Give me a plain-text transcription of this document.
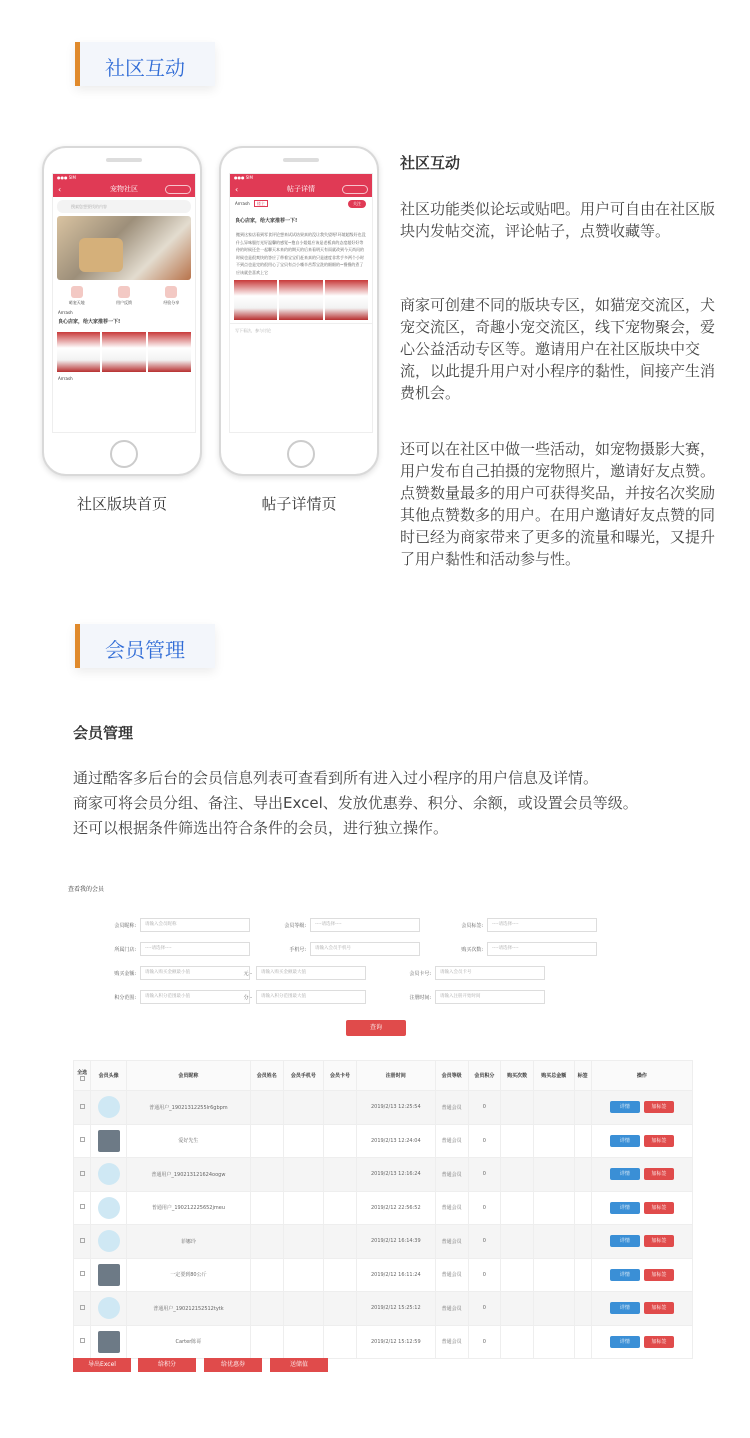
社区互动
●●● SIM
‹	宠物社区
搜索您想要找的内容
萌宠天地	用户反馈	经验分享
Arrrash
良心店家，给大家推荐一下!
Arrrash
社区版块首页
●●● SIM
‹	帖子详情
Arrrash 楼主	关注
良心店家，给大家推荐一下!
搬到这家店看到零食评论想来试试结果真的没让我失望呀!环境超级好也没什么异味服打光好温馨的感觉~抱自小姐姐应该是老板真的态度超好好等待的时候还会一起聊天本来约的期天的后来看明天有雨就改到今天尚问的时候也是很爽快的答应了带着宝宝们赶来真的只是速度非常手多两个小时不到点也是完的很用心了宝贝有点小嗓辛苦帮宝洗的细细的~慢慢的煮了应该就会喜欢上它
写下看法，参与讨论
帖子详情页
社区互动
社区功能类似论坛或贴吧。用户可自由在社区版块内发帖交流，评论帖子，点赞收藏等。
商家可创建不同的版块专区，如猫宠交流区，犬宠交流区，奇趣小宠交流区，线下宠物聚会，爱心公益活动专区等。邀请用户在社区版块中交流，以此提升用户对小程序的黏性，间接产生消费机会。
还可以在社区中做一些活动，如宠物摄影大赛，用户发布自己拍摄的宠物照片，邀请好友点赞。点赞数量最多的用户可获得奖品，并按名次奖励其他点赞数多的用户。在用户邀请好友点赞的同时已经为商家带来了更多的流量和曝光，又提升了用户黏性和活动参与性。
会员管理
会员管理
通过酷客多后台的会员信息列表可查看到所有进入过小程序的用户信息及详情。
商家可将会员分组、备注、导出Excel、发放优惠券、积分、余额，或设置会员等级。
还可以根据条件筛选出符合条件的会员，进行独立操作。
查看我的会员
会员昵称:	请输入会员昵称	会员等级:	----请选择----	会员标签:	----请选择----
所属门店:	----请选择----	手机号:	请输入会员手机号	购买次数:	----请选择----
购买金额:	请输入购买金额最小值	元 -	请输入购买金额最大值	会员卡号:	请输入会员卡号
积分范围:	请输入积分范围最小值	分 -	请输入积分范围最大值	注册时间:	请输入注册开始时间
查询
全选	会员头像	会员昵称	会员姓名	会员手机号	会员卡号	注册时间	会员等级	会员积分	购买次数	购买总金额	标签	操作
		普通用户_19021312255lr6gbpm				2019/2/13 12:25:54	普通会员	0				详情 加标签
		爱好先生				2019/2/13 12:24:04	普通会员	0				详情 加标签
		普通用户_190213121624oogw				2019/2/13 12:16:24	普通会员	0				详情 加标签
		普通用户_190212225652jmeu				2019/2/12 22:56:52	普通会员	0				详情 加标签
		菲娜玲				2019/2/12 16:14:39	普通会员	0				详情 加标签
		一定要到80公斤				2019/2/12 16:11:24	普通会员	0				详情 加标签
		普通用户_190212152512tytk				2019/2/12 15:25:12	普通会员	0				详情 加标签
		Carter陈哥				2019/2/12 15:12:59	普通会员	0				详情 加标签
导出Excel	给积分	给优惠券	送储值
